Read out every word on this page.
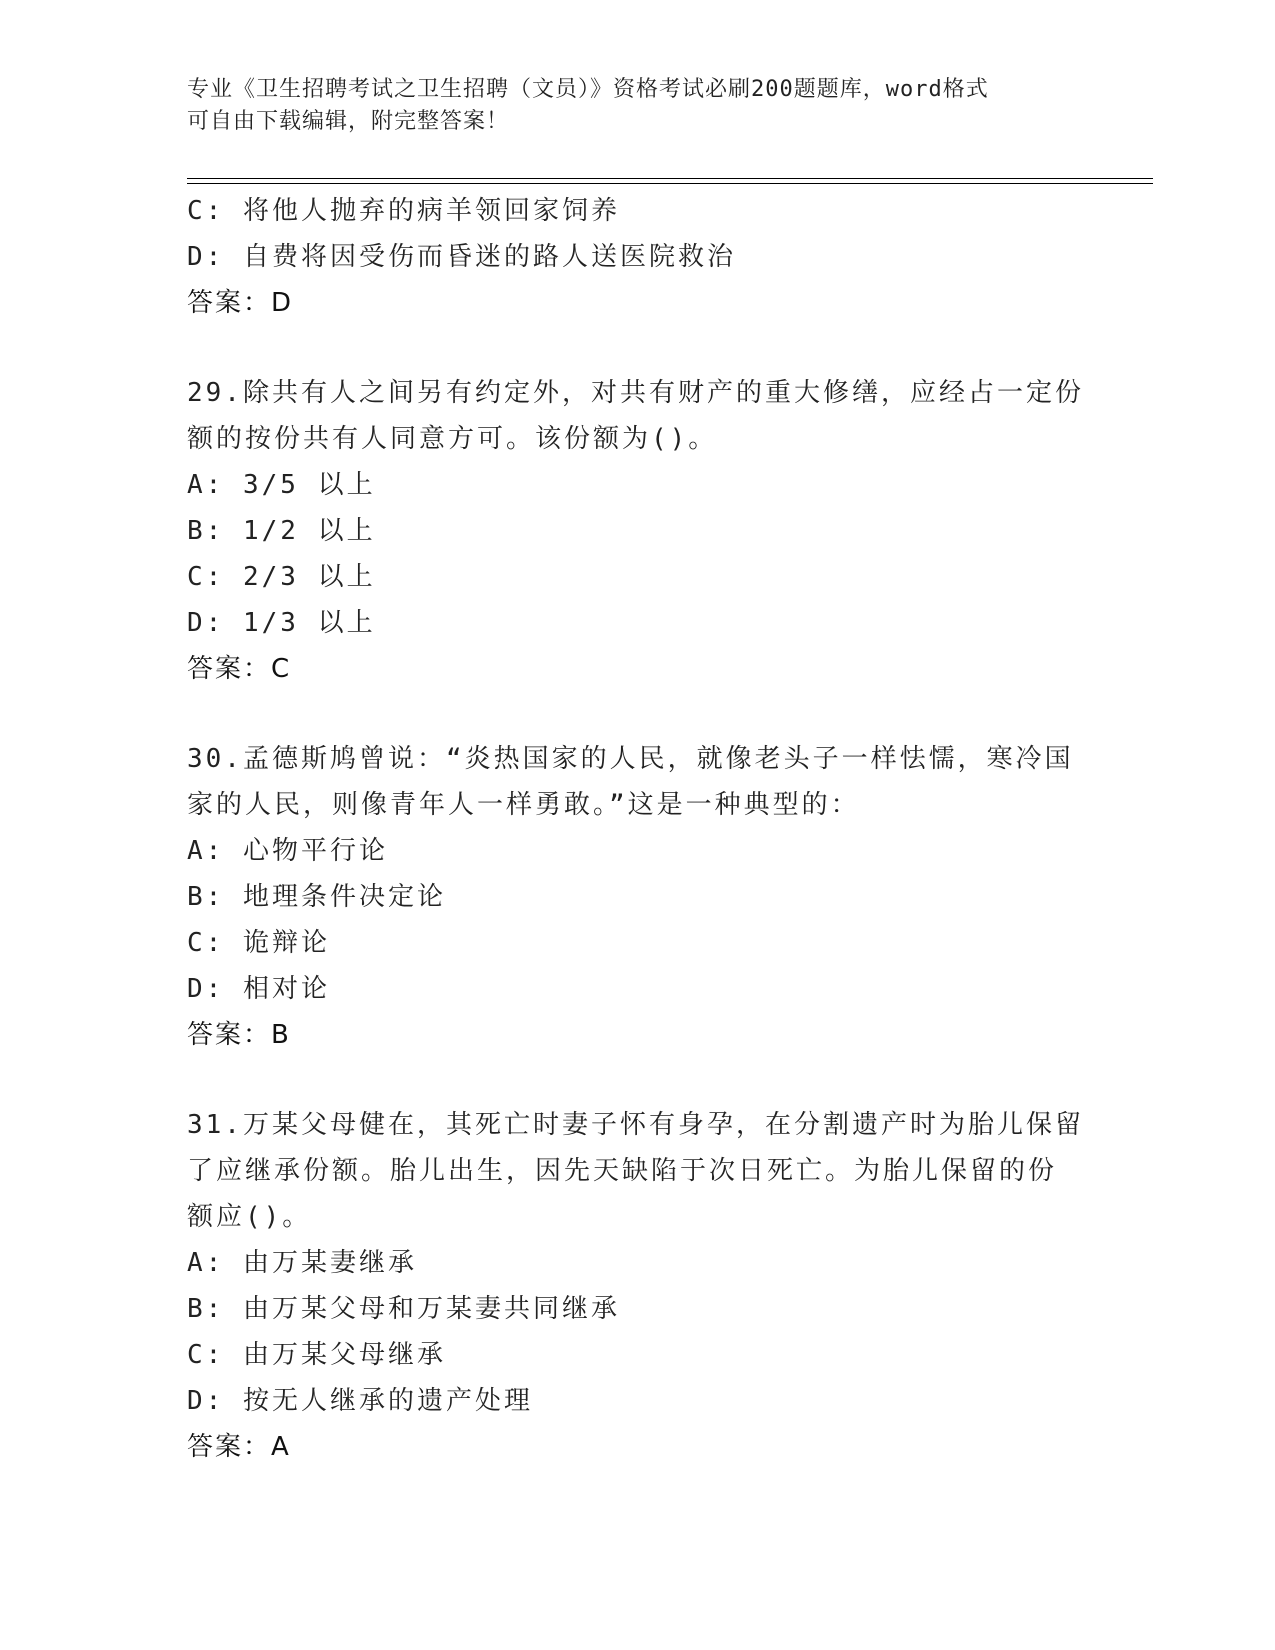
专业《卫生招聘考试之卫生招聘（文员）》资格考试必刷200题题库，word格式
可自由下载编辑，附完整答案！
C: 将他人抛弃的病羊领回家饲养
D: 自费将因受伤而昏迷的路人送医院救治
答案：D
29.除共有人之间另有约定外，对共有财产的重大修缮，应经占一定份
额的按份共有人同意方可。该份额为()。
A: 3/5 以上
B: 1/2 以上
C: 2/3 以上
D: 1/3 以上
答案：C
30.孟德斯鸠曾说：“炎热国家的人民，就像老头子一样怯懦，寒冷国
家的人民，则像青年人一样勇敢。”这是一种典型的：
A: 心物平行论
B: 地理条件决定论
C: 诡辩论
D: 相对论
答案：B
31.万某父母健在，其死亡时妻子怀有身孕，在分割遗产时为胎儿保留
了应继承份额。胎儿出生，因先天缺陷于次日死亡。为胎儿保留的份
额应()。
A: 由万某妻继承
B: 由万某父母和万某妻共同继承
C: 由万某父母继承
D: 按无人继承的遗产处理
答案：A
